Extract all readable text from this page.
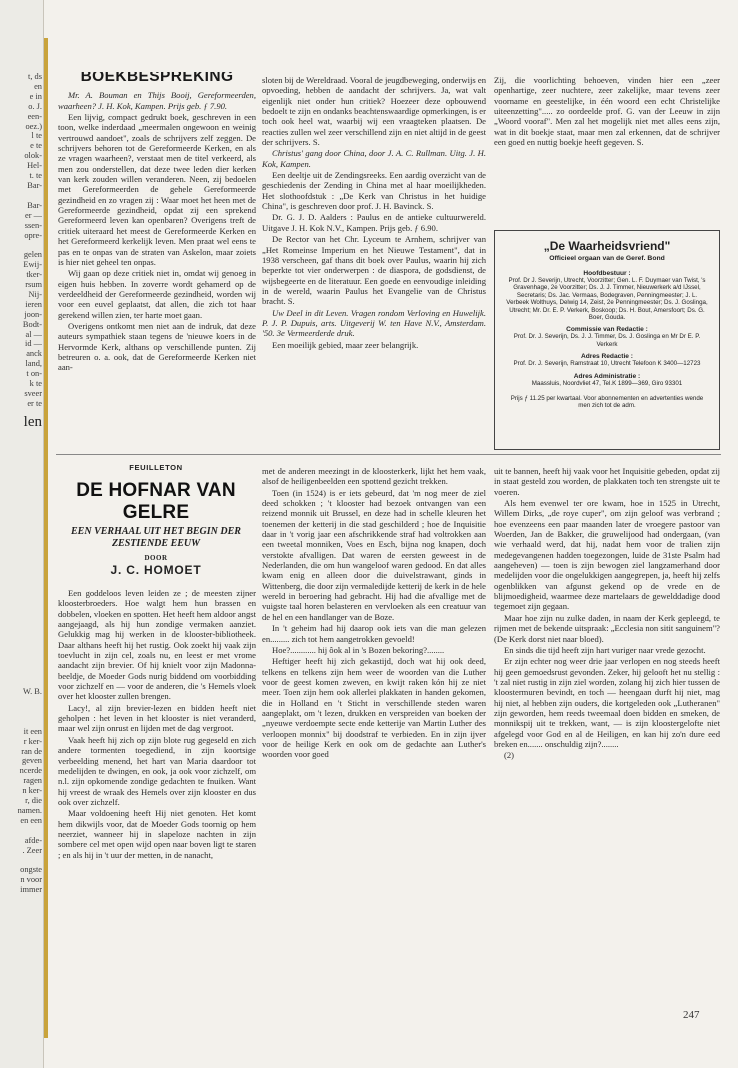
t, ds
en
e in
o. J.
een-
oez.)
l te
e te
olok-
Hel-
t. te
Bar-

Bar-
er —
ssen-
opre-

gelen
Ewij-
tker-
rsum
Nij-
ieren
joon-
Bodt-
al —
id —
anck
land,
t on-
k te
sveer
er te
len
W. B.
it een
r ker-
ran de
geven
ncerde
ragen
n ker-
r, die
namen.
en een

afde-
. Zeer

ongste
n voor
immer
BOEKBESPREKING

Mr. A. Bouman en Thijs Booij, Gereformeerden, waarheen? J. H. Kok, Kampen. Prijs geb. ƒ 7.90.

Een lijvig, compact gedrukt boek, geschreven in een toon, welke inderdaad „meermalen ongewoon en weinig vertrouwd aandoet", zoals de schrijvers zelf zeggen. De schrijvers behoren tot de Gereformeerde Kerken, en als ze vragen waarheen?, verstaat men de titel verkeerd, als men zou onderstellen, dat deze twee leden dier kerken van kerk zouden willen veranderen. Neen, zij bedoelen met Gereformeerden de gehele Gereformeerde gezindheid en zo vragen zij : Waar moet het heen met de Gereformeerde gezindheid, opdat zij een sprekend Gereformeerd leven kan openbaren? Overigens treft de critiek uiteraard het meest de Gereformeerde Kerken en het Gereformeerd kerkelijk leven. Men praat wel eens te pas en te onpas van de straten van Askelon, maar zoiets is hier niet geheel ten onpas.

Wij gaan op deze critiek niet in, omdat wij genoeg in eigen huis hebben. In zoverre wordt gehamerd op de verdeeldheid der Gereformeerde gezindheid, worden wij voor een euvel geplaatst, dat allen, die zich tot haar gerekend willen zien, ter harte moet gaan.

Overigens ontkomt men niet aan de indruk, dat deze auteurs sympathiek staan tegens de 'nieuwe koers in de Hervormde Kerk, althans op verschillende punten. Zij betreuren o. a. ook, dat de Gereformeerde Kerken niet aan-

sloten bij de Wereldraad. Vooral de jeugdbeweging, onderwijs en opvoeding, hebben de aandacht der schrijvers. Ja, wat valt eigenlijk niet onder hun critiek? Hoezeer deze opbouwend bedoelt te zijn en ondanks beachtenswaardige opmerkingen, is er toch ook heel wat, waarbij wij een vraagteken plaatsen. De reacties zullen wel zeer verschillend zijn en niet altijd in de geest der schrijvers. S.

Christus' gang door China, door J. A. C. Rullman. Uitg. J. H. Kok, Kampen.

Een deeltje uit de Zendingsreeks. Een aardig overzicht van de geschiedenis der Zending in China met al haar moeilijkheden. Het slothoofdstuk : „De Kerk van Christus in het huidige China", is geschreven door prof. J. H. Bavinck. S.

Dr. G. J. D. Aalders : Paulus en de antieke cultuurwereld. Uitgave J. H. Kok N.V., Kampen. Prijs geb. ƒ 6.90.

De Rector van het Chr. Lyceum te Arnhem, schrijver van „Het Romeinse Imperium en het Nieuwe Testament", dat in 1938 verscheen, gaf thans dit boek over Paulus, waarin hij zich beperkte tot vier onderwerpen : de diaspora, de godsdienst, de wijsbegeerte en de literatuur. Een goede en eenvoudige inleiding in de wereld, waarin Paulus het Evangelie van de Christus bracht. S.

Uw Deel in dit Leven. Vragen rondom Verloving en Huwelijk. P. J. P. Dupuis, arts. Uitgeverij W. ten Have N.V., Amsterdam. '50. 3e Vermeerderde druk.

Een moeilijk gebied, maar zeer belangrijk.

Zij, die voorlichting behoeven, vinden hier een „zeer openhartige, zeer nuchtere, zeer zakelijke, maar tevens zeer voorname en geestelijke, in één woord een echt Christelijke uiteenzetting"..... zo oordeelde prof. G. van der Leeuw in zijn „Woord vooraf". Men zal het mogelijk niet met alles eens zijn, wat in dit boekje staat, maar men zal erkennen, dat de schrijver een goed en nuttig boekje heeft gegeven. S.

„De Waarheidsvriend"
Officieel orgaan van de Geref. Bond
Hoofdbestuur :
Prof. Dr J. Severijn, Utrecht, Voorzitter; Gen. L. F. Duymaer van Twist, 's Gravenhage, 2e Voorzitter; Ds. J. J. Timmer, Nieuwerkerk a/d IJssel, Secretaris; Ds. Jac. Vermaas, Bodegraven, Penningmeester; J. L. Verbeek Wolthuys, Delwig 14, Zeist, 2e Penningmeester; Ds. J. Goslinga, Utrecht; Mr. Dr. E. P. Verkerk, Boskoop; Ds. H. Bout, Amersfoort; Ds. G. Boer, Gouda.
Commissie van Redactie :
Prof. Dr. J. Severijn, Ds. J. J. Timmer, Ds. J. Goslinga en Mr Dr E. P. Verkerk
Adres Redactie :
Prof. Dr. J. Severijn, Ramstraat 10, Utrecht Telefoon K 3400—12723
Adres Administratie :
Maassluis, Noordvliet 47, Tel.K 1899—369, Giro 93301
Prijs ƒ 11.25 per kwartaal. Voor abonnementen en advertenties wende men zich tot de adm.
FEUILLETON
DE HOFNAR VAN GELRE
EEN VERHAAL UIT HET BEGIN DER ZESTIENDE EEUW
DOOR
J. C. HOMOET

Een goddeloos leven leiden ze ; de meesten zijner kloosterbroeders. Hoe walgt hem hun brassen en dobbelen, vloeken en spotten. Het heeft hem aldoor angst aangejaagd, als hij hun zondige vermaken aanziet. Gelukkig mag hij werken in de klooster-bibliotheek. Daar althans heeft hij het rustig. Ook zoekt hij vaak zijn toevlucht in zijn cel, zoals nu, en leest er met vrome aandacht zijn brevier. Of hij knielt voor zijn Madonna-beeldje, de Moeder Gods nurig biddend om voorbidding voor zichzelf en — voor de anderen, die 's Hemels vloek over het klooster zullen brengen.

Lacy!, al zijn brevier-lezen en bidden heeft niet geholpen : het leven in het klooster is niet veranderd, maar wel zijn onrust en lijden met de dag vergroot.

Vaak heeft hij zich op zijn blote rug gegeseld en zich andere tormenten toegediend, in zijn koortsige verbeelding menend, het hart van Maria daardoor tot medelijden te dwingen, en ook, ja ook voor zichzelf, om n.l. zijn opkomende zondige gedachten te fnuiken. Want hij vreest de wraak des Hemels over zijn klooster en dus ook over zichzelf.

Maar voldoening heeft Hij niet genoten. Het komt hem dikwijls voor, dat de Moeder Gods toornig op hem neerziet, wanneer hij in slapeloze nachten in zijn sombere cel met open wijd open naar boven ligt te staren ; en als hij in 't uur der metten, in de nanacht,

met de anderen meezingt in de kloosterkerk, lijkt het hem vaak, alsof de heiligenbeelden een spottend gezicht trekken.

Toen (in 1524) is er iets gebeurd, dat 'm nog meer de ziel deed schokken ; 't klooster had bezoek ontvangen van een reizend monnik uit Brussel, en deze had in schelle kleuren het toenemen der ketterij in die stad geschilderd ; hoe de Inquisitie daar in 't vorig jaar een afschrikkende straf had voltrokken aan een tweetal monniken, Voes en Esch, bijna nog knapen, doch verstokte afvalligen. Dat waren de eersten geweest in de Nederlanden, die om hun wangeloof waren gedood. En dat alles kwam enig en alleen door die duivelstrawant, ginds in Wittenberg, die door zijn vermaledijde ketterij de kerk in de hele wereld in beroering had gebracht. Hij had die afvallige met de vuigste taal horen belasteren en vervloeken als een creatuur van de hel en een handlanger van de Boze.

In 't geheim had hij daarop ook iets van die man gelezen en......... zich tot hem aangetrokken gevoeld!

Hoe?............ hij ôok al in 's Bozen bekoring?........

Heftiger heeft hij zich gekastijd, doch wat hij ook deed, telkens en telkens zijn hem weer de woorden van die Luther voor de geest komen zweven, en kwijt raken kón hij ze niet meer. Toen zijn hem ook allerlei plakkaten in handen gekomen, die in Holland en 't Sticht in verschillende steden waren aangeplakt, om 't lezen, drukken en verspreiden van boeken der „nyeuwe verdoempte secte ende ketterije van Martin Luther des verloopen monnix" bij doodstraf te verbieden. En in zijn ijver voor de heilige Kerk en ook om de gedachte aan Luther's woorden voor goed

uit te bannen, heeft hij vaak voor het Inquisitie gebeden, opdat zij in staat gesteld zou worden, de plakkaten toch ten strengste uit te voeren.

Als hem evenwel ter ore kwam, hoe in 1525 in Utrecht, Willem Dirks, „de roye cuper", om zijn geloof was verbrand ; hoe evenzeens een paar maanden later de vroegere pastoor van Woerden, Jan de Bakker, die gruwelijood had ondergaan, (van wie verhaald werd, dat hij, nadat hem voor de tralien zijn medegevangenen hadden toegezongen, luide de 31ste Psalm had aangeheven) — toen is zijn bewogen ziel langzamerhand door medelijden voor die ongelukkigen aangegrepen, ja, heeft hij zelfs ogenblikken van afgunst gekend op de vrede en de blijmoedigheid, waarmee deze martelaars de gewelddadige dood tegemoet zijn gegaan.

Maar hoe zijn nu zulke daden, in naam der Kerk gepleegd, te rijmen met de bekende uitspraak: „Ecclesia non sitit sanguinem"? (De Kerk dorst niet naar bloed).

En sinds die tijd heeft zijn hart vuriger naar vrede gezocht.

Er zijn echter nog weer drie jaar verlopen en nog steeds heeft hij geen gemoedsrust gevonden. Zeker, hij gelooft het nu stellig : 't zal niet rustig in zijn ziel worden, zolang hij zich hier tussen de kloostermuren bevindt, en toch — heengaan durft hij niet, mag hij niet, al hebben zijn ouders, die kortgeleden ook „Lutheranen" zijn geworden, hem reeds tweemaal doen bidden en smeken, de monnikspij uit te trekken, want, — is zijn kloostergelofte niet afgelegd voor God en al de Heiligen, en kan hij zo'n dure eed breken en....... onschuldig zijn?........

(2)

247
